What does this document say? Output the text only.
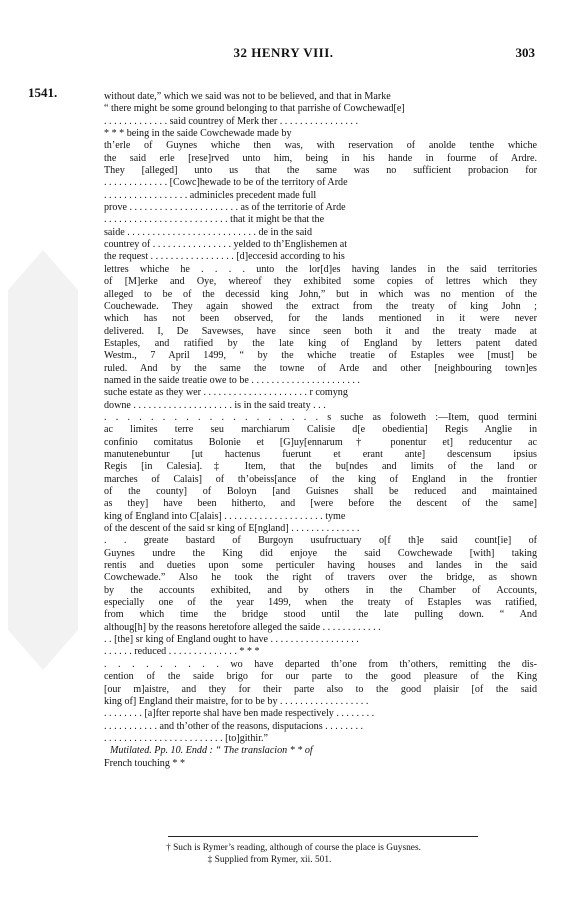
32 HENRY VIII.	303
1541.	without date,” which we said was not to be believed, and that in Marke
“ there might be some ground belonging to that parrishe of Cowchewad[e]
. . . . . . . . . . . . . said countrey of Merk ther . . . . . . . . . . . . . . . .
* * * being in the saide Cowchewade made by
th’erle of Guynes whiche then was, with reservation of anolde tenthe whiche
the said erle [rese]rved unto him, being in his hande in fourme of Ardre.
They [alleged] unto us that the same was no sufficient probacion for
. . . . . . . . . . . . . [Cowc]hewade to be of the territory of Arde
. . . . . . . . . . . . . . . . . adminicles precedent made full
prove . . . . . . . . . . . . . . . . . . . . . . as of the territorie of Arde
. . . . . . . . . . . . . . . . . . . . . . . . . that it might be that the
saide . . . . . . . . . . . . . . . . . . . . . . . . . . de in the said
countrey of . . . . . . . . . . . . . . . . yelded to th’Englishemen at
the request . . . . . . . . . . . . . . . . . [d]eccesid according to his
lettres whiche he . . . . unto the lor[d]es having landes in the said territories
of [M]erke and Oye, whereof they exhibited some copies of lettres which they
alleged to be of the decessid king John,” but in which was no mention of the
Couchewade. They again showed the extract from the treaty of king John ;
which has not been observed, for the lands mentioned in it were never
delivered. I, De Savewses, have since seen both it and the treaty made at
Estaples, and ratified by the late king of England by letters patent dated
Westm., 7 April 1499, “ by the whiche treatie of Estaples wee [must] be
ruled. And by the same the towne of Arde and other [neighbouring town]es
named in the saide treatie owe to be . . . . . . . . . . . . . . . . . . . . . .
suche estate as they wer . . . . . . . . . . . . . . . . . . . . . r comyng
downe . . . . . . . . . . . . . . . . . . . . is in the said treaty . . .
. . . . . . . . . . . . . . . . . . . s suche as foloweth :—Item, quod termini
ac limites terre seu marchiarum Calisie d[e obedientia] Regis Anglie in
confinio comitatus Bolonie et [G]uy[ennarum† ponentur et] reducentur ac
manutenebuntur [ut hactenus fuerunt et erant ante] descensum ipsius
Regis [in Calesia].‡ Item, that the bu[ndes and limits of the land or
marches of Calais] of th’obeiss[ance of the king of England in the frontier
of the county] of Boloyn [and Guisnes shall be reduced and maintained
as they] have been hitherto, and [were before the descent of the same]
king of England into C[alais] . . . . . . . . . . . . . . . . . . . . tyme
of the descent of the said sr king of E[ngland] . . . . . . . . . . . . . .
. . greate bastard of Burgoyn usufructuary o[f th]e said count[ie] of
Guynes undre the King did enjoye the said Cowchewade [with] taking
rentis and dueties upon some perticuler having houses and landes in the said
Cowchewade.” Also he took the right of travers over the bridge, as shown
by the accounts exhibited, and by others in the Chamber of Accounts,
especially one of the year 1499, when the treaty of Estaples was ratified,
from which time the bridge stood until the late pulling down. “ And
althoug[h] by the reasons heretofore alleged the saide . . . . . . . . . . . .
. . [the] sr king of England ought to have . . . . . . . . . . . . . . . . . .
. . . . . . reduced . . . . . . . . . . . . . . * * *
. . . . . . . . . wo have departed th’one from th’others, remitting the dis-
cention of the saide brigo for our parte to the good pleasure of the King
[our m]aistre, and they for their parte also to the good plaisir [of the said
king of] England their maistre, for to be by . . . . . . . . . . . . . . . . . .
. . . . . . . . [a]fter reporte shal have ben made respectively . . . . . . . .
. . . . . . . . . . . and th’other of the reasons, disputacions . . . . . . . .
. . . . . . . . . . . . . . . . . . . . . . . . [to]githir.”
Mutilated. Pp. 10. Endd : “ The translacion * * of
French touching * *
† Such is Rymer’s reading, although of course the place is Guysnes.
‡ Supplied from Rymer, xii. 501.
